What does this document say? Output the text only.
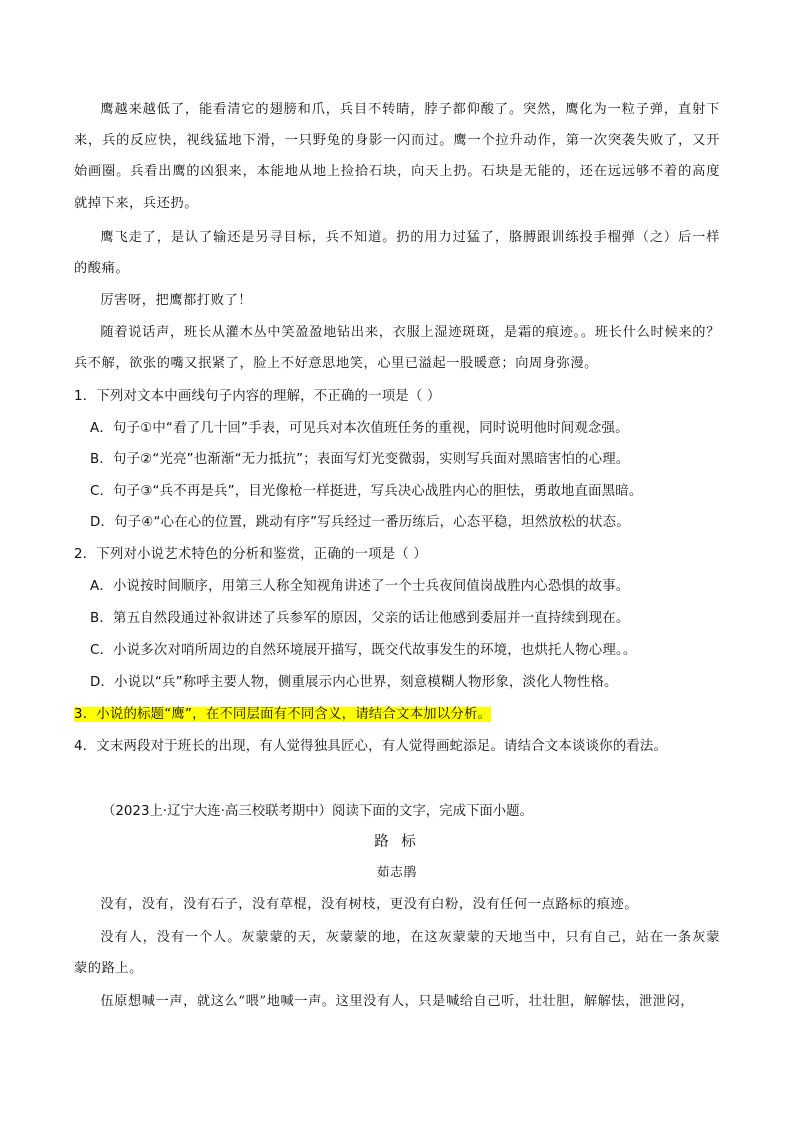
鹰越来越低了，能看清它的翅膀和爪，兵目不转睛，脖子都仰酸了。突然，鹰化为一粒子弹，直射下来，兵的反应快，视线猛地下滑，一只野兔的身影一闪而过。鹰一个拉升动作，第一次突袭失败了，又开始画圈。兵看出鹰的凶狠来，本能地从地上捡拾石块，向天上扔。石块是无能的，还在远远够不着的高度就掉下来，兵还扔。
鹰飞走了，是认了输还是另寻目标，兵不知道。扔的用力过猛了，胳膊跟训练投手榴弹（之）后一样的酸痛。
厉害呀，把鹰都打败了！
随着说话声，班长从灌木丛中笑盈盈地钻出来，衣服上湿迹斑斑，是霜的痕迹。。班长什么时候来的？兵不解，欲张的嘴又抿紧了，脸上不好意思地笑，心里已溢起一股暖意；向周身弥漫。
1．下列对文本中画线句子内容的理解，不正确的一项是（ ）
A．句子①中“看了几十回”手表，可见兵对本次值班任务的重视，同时说明他时间观念强。
B．句子②“光亮”也渐渐“无力抵抗”；表面写灯光变微弱，实则写兵面对黑暗害怕的心理。
C．句子③“兵不再是兵”，目光像枪一样挺进，写兵决心战胜内心的胆怯，勇敢地直面黑暗。
D．句子④“心在心的位置，跳动有序”写兵经过一番历练后，心态平稳，坦然放松的状态。
2．下列对小说艺术特色的分析和鉴赏，正确的一项是（ ）
A．小说按时间顺序，用第三人称全知视角讲述了一个士兵夜间值岗战胜内心恐惧的故事。
B．第五自然段通过补叙讲述了兵参军的原因，父亲的话让他感到委屈并一直持续到现在。
C．小说多次对哨所周边的自然环境展开描写，既交代故事发生的环境，也烘托人物心理。。
D．小说以“兵”称呼主要人物，侧重展示内心世界，刻意模糊人物形象，淡化人物性格。
3．小说的标题“鹰”，在不同层面有不同含义，请结合文本加以分析。
4．文末两段对于班长的出现，有人觉得独具匠心，有人觉得画蛇添足。请结合文本谈谈你的看法。
（2023上·辽宁大连·高三校联考期中）阅读下面的文字，完成下面小题。
路 标
茹志鹃
没有，没有，没有石子，没有草棍，没有树枝，更没有白粉，没有任何一点路标的痕迹。
没有人，没有一个人。灰蒙蒙的天，灰蒙蒙的地，在这灰蒙蒙的天地当中，只有自己，站在一条灰蒙蒙的路上。
伍原想喊一声，就这么“喂”地喊一声。这里没有人，只是喊给自己听，壮壮胆，解解怯，泄泄闷，
